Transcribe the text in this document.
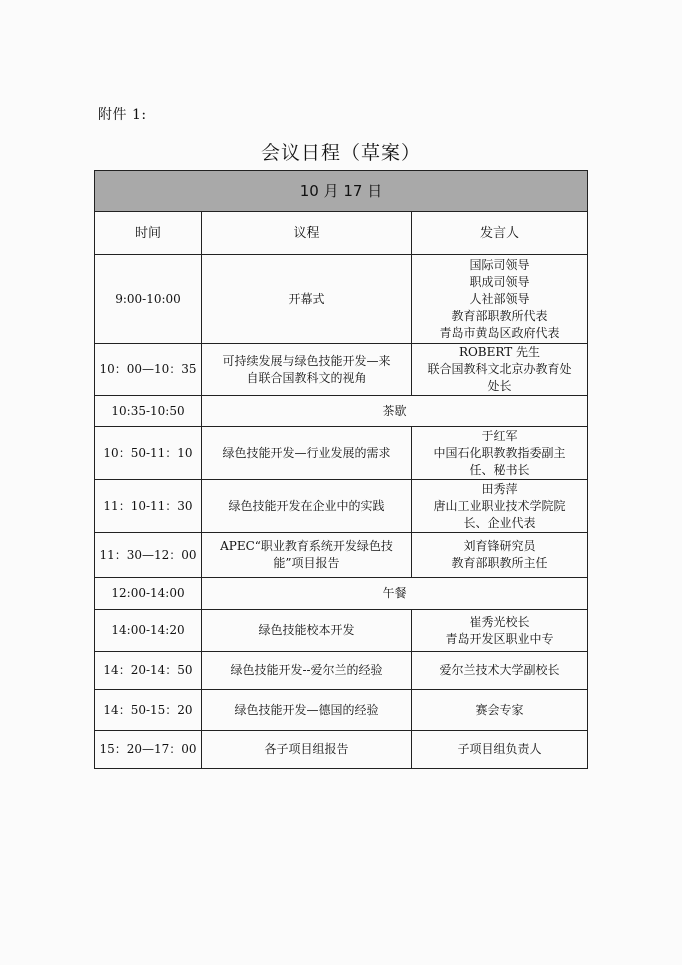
附件 1:
会议日程（草案）
10 月 17 日		
时间	议程	发言人
9:00-10:00	开幕式	国际司领导
职成司领导
人社部领导
教育部职教所代表
青岛市黄岛区政府代表

10：00—10：35	可持续发展与绿色技能开发—来
自联合国教科文的视角	ROBERT 先生
联合国教科文北京办教育处
处长

10:35-10:50	茶歇	

10：50-11：10	绿色技能开发—行业发展的需求	于红军
中国石化职教教指委副主
任、秘书长

11：10-11：30	绿色技能开发在企业中的实践	田秀萍
唐山工业职业技术学院院
长、企业代表

11：30—12：00	APEC“职业教育系统开发绿色技
能”项目报告	刘育锋研究员
教育部职教所主任

12:00-14:00	午餐	

14:00-14:20	绿色技能校本开发	崔秀光校长
青岛开发区职业中专

14：20-14：50	绿色技能开发--爱尔兰的经验	爱尔兰技术大学副校长

14：50-15：20	绿色技能开发—德国的经验	赛会专家

15：20—17：00	各子项目组报告	子项目组负责人
